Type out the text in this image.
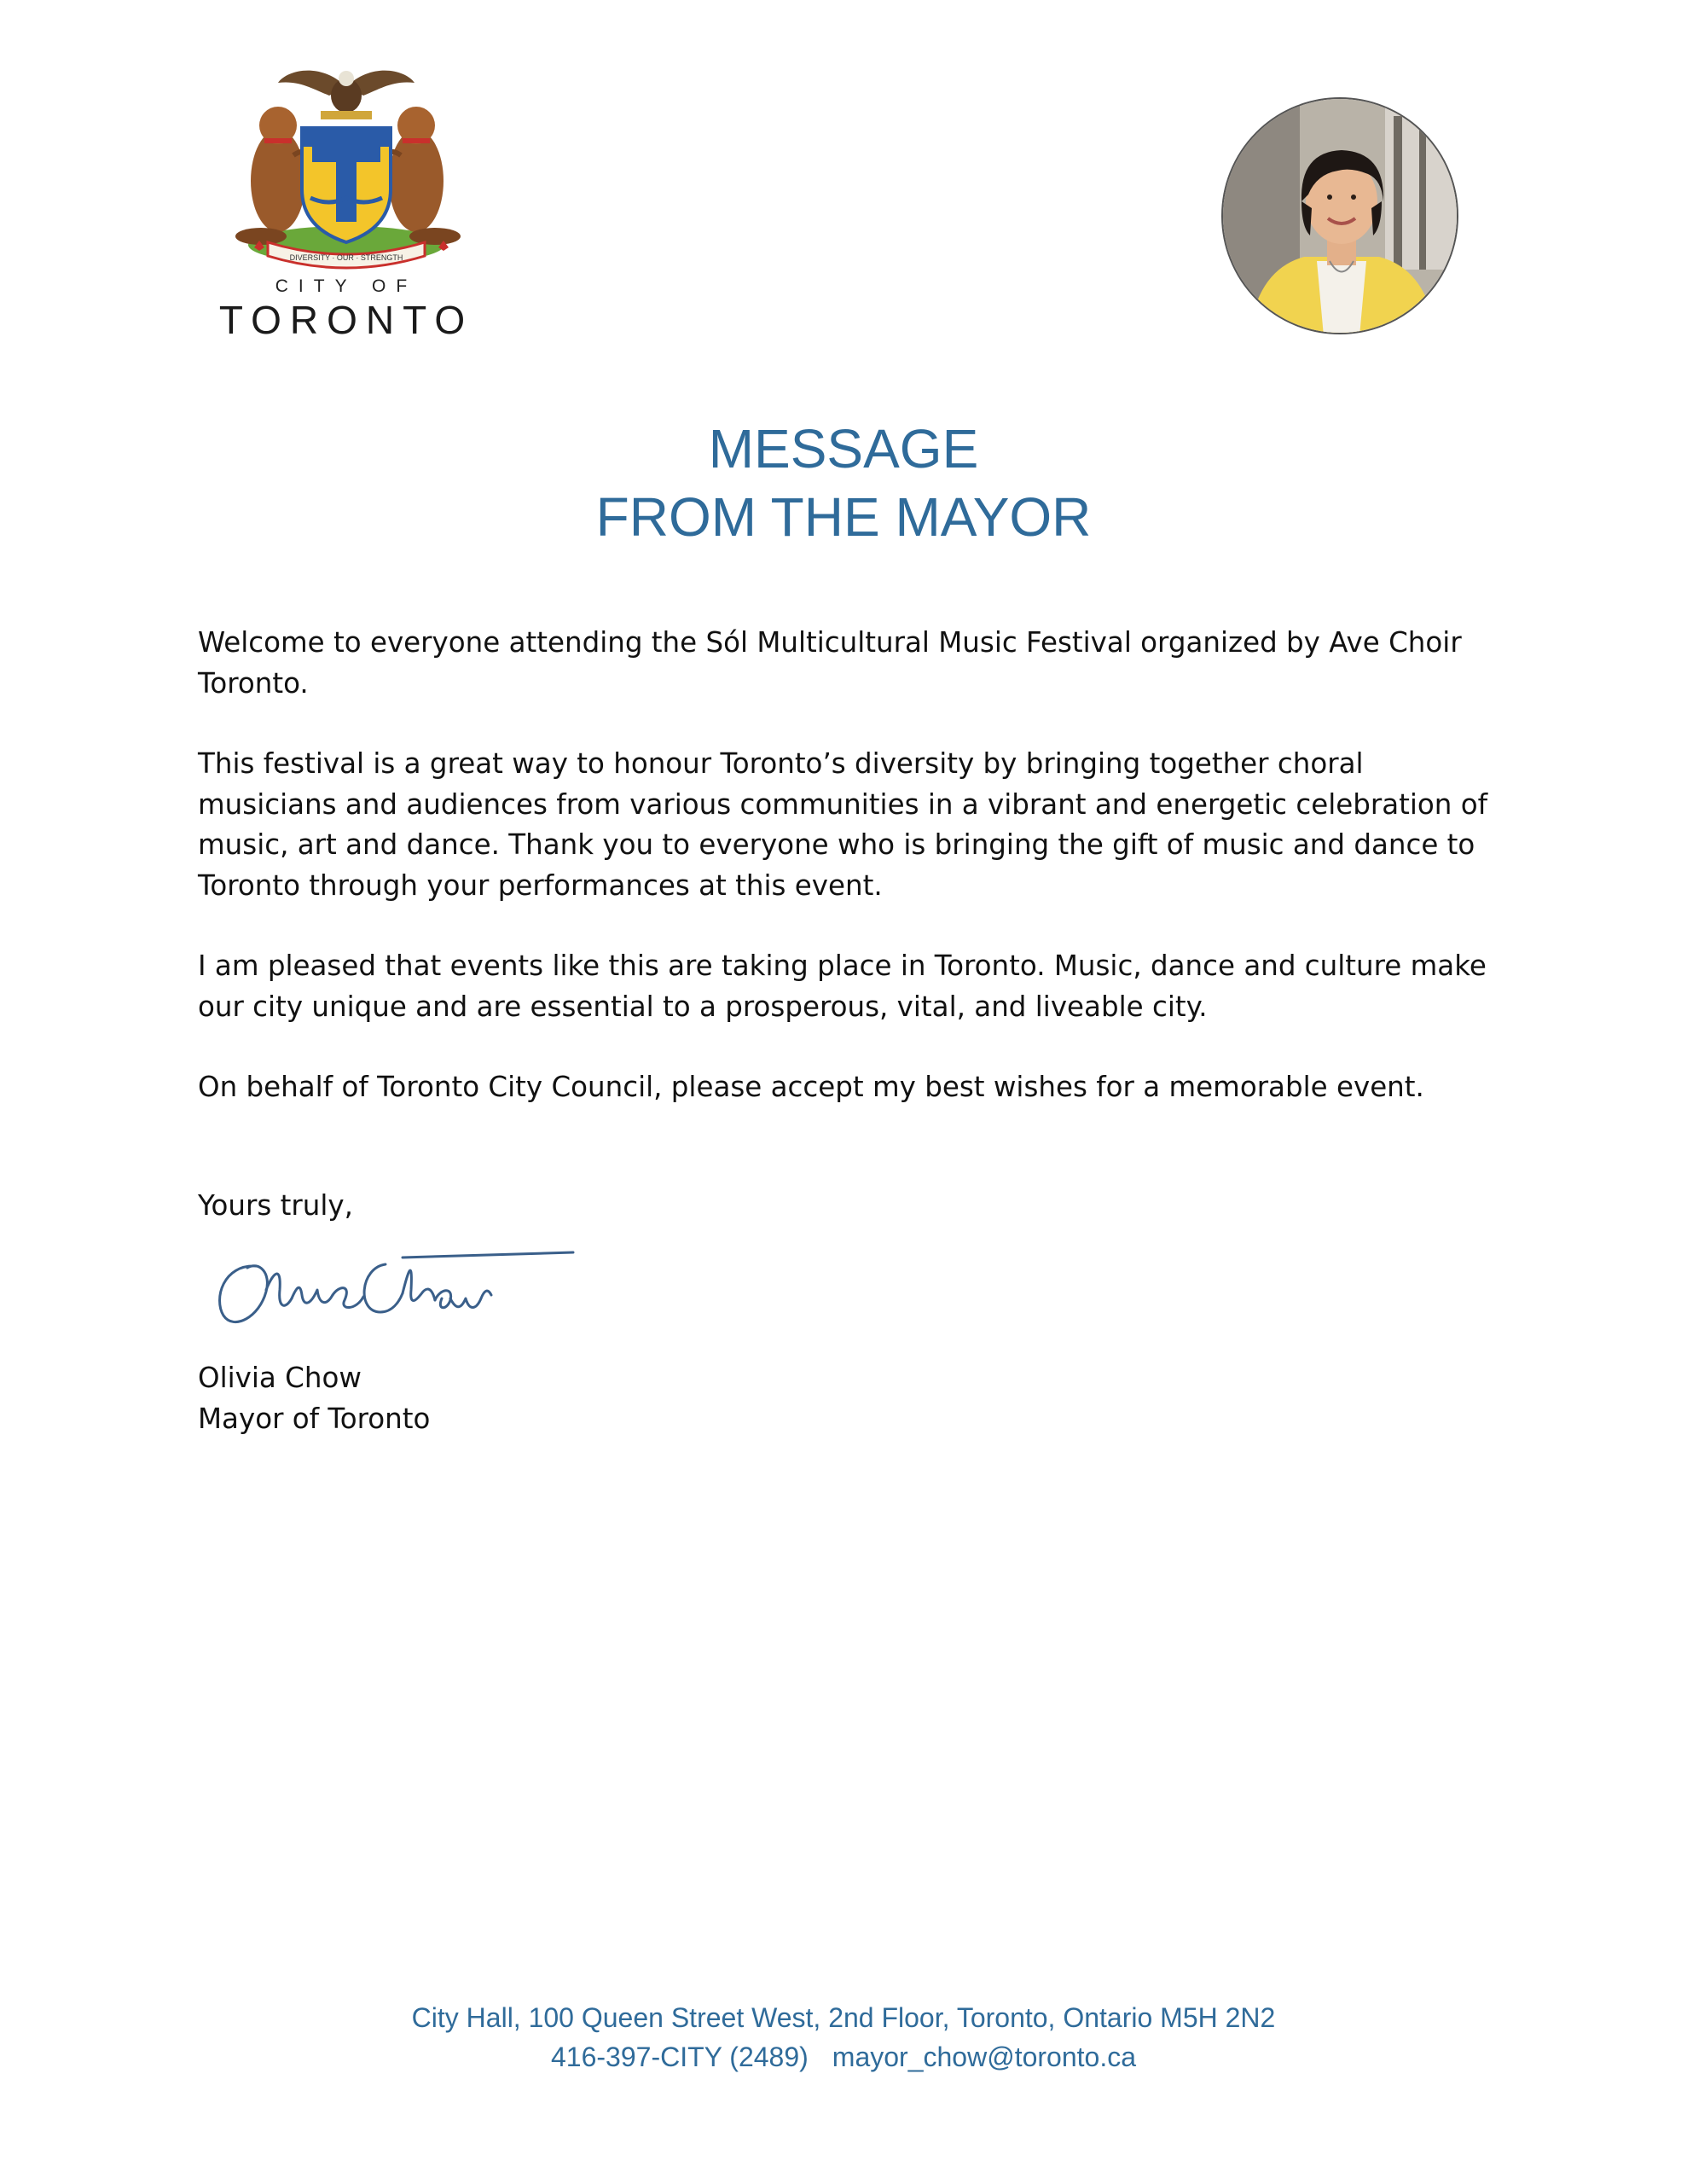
DIVERSITY · OUR · STRENGTH
CITY OF
TORONTO
MESSAGE
FROM THE MAYOR

Welcome to everyone attending the Sól Multicultural Music Festival organized by Ave Choir Toronto.

This festival is a great way to honour Toronto’s diversity by bringing together choral musicians and audiences from various communities in a vibrant and energetic celebration of music, art and dance. Thank you to everyone who is bringing the gift of music and dance to Toronto through your performances at this event.

I am pleased that events like this are taking place in Toronto. Music, dance and culture make our city unique and are essential to a prosperous, vital, and liveable city.

On behalf of Toronto City Council, please accept my best wishes for a memorable event.

Yours truly,
Olivia Chow
Mayor of Toronto
City Hall, 100 Queen Street West, 2nd Floor, Toronto, Ontario M5H 2N2
416-397-CITY (2489) mayor_chow@toronto.ca
